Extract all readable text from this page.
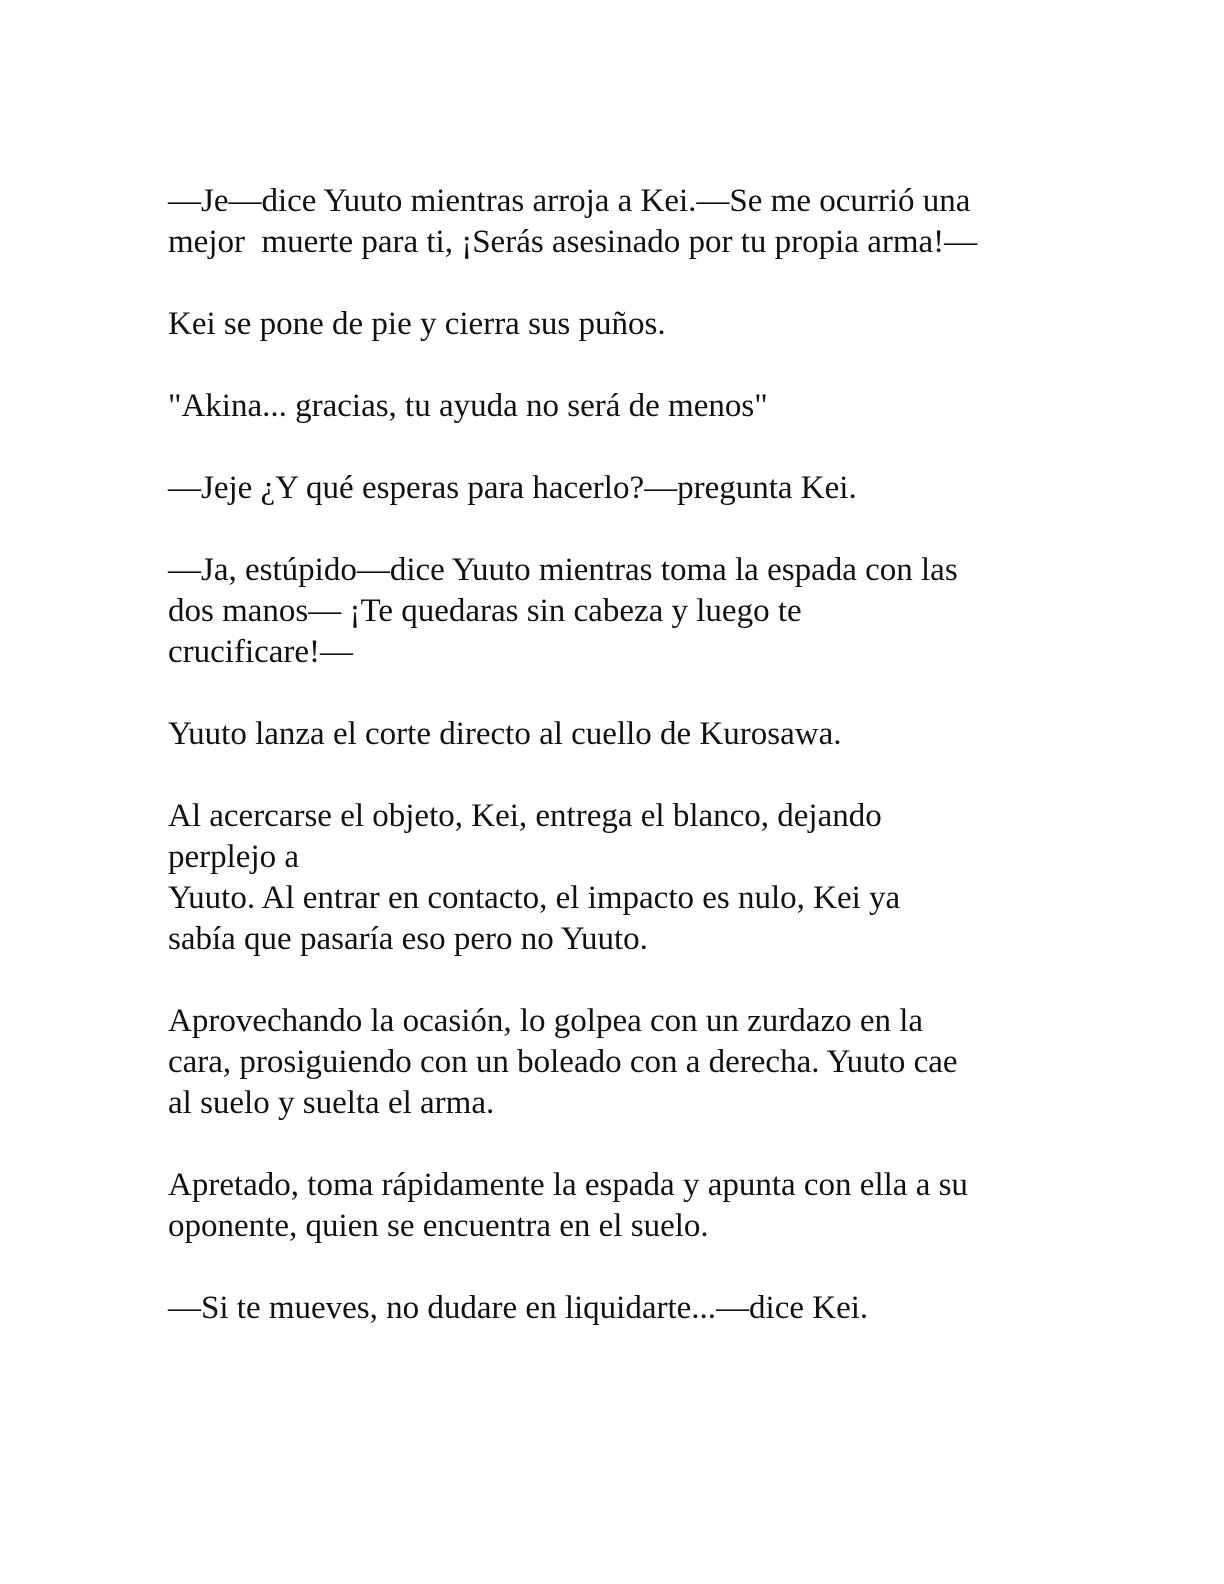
—Je—dice Yuuto mientras arroja a Kei.—Se me ocurrió una
mejor  muerte para ti, ¡Serás asesinado por tu propia arma!—

Kei se pone de pie y cierra sus puños.

"Akina... gracias, tu ayuda no será de menos"

—Jeje ¿Y qué esperas para hacerlo?—pregunta Kei.

—Ja, estúpido—dice Yuuto mientras toma la espada con las
dos manos— ¡Te quedaras sin cabeza y luego te
crucificare!—

Yuuto lanza el corte directo al cuello de Kurosawa.

Al acercarse el objeto, Kei, entrega el blanco, dejando
perplejo a
Yuuto. Al entrar en contacto, el impacto es nulo, Kei ya
sabía que pasaría eso pero no Yuuto.

Aprovechando la ocasión, lo golpea con un zurdazo en la
cara, prosiguiendo con un boleado con a derecha. Yuuto cae
al suelo y suelta el arma.

Apretado, toma rápidamente la espada y apunta con ella a su
oponente, quien se encuentra en el suelo.

—Si te mueves, no dudare en liquidarte...—dice Kei.
